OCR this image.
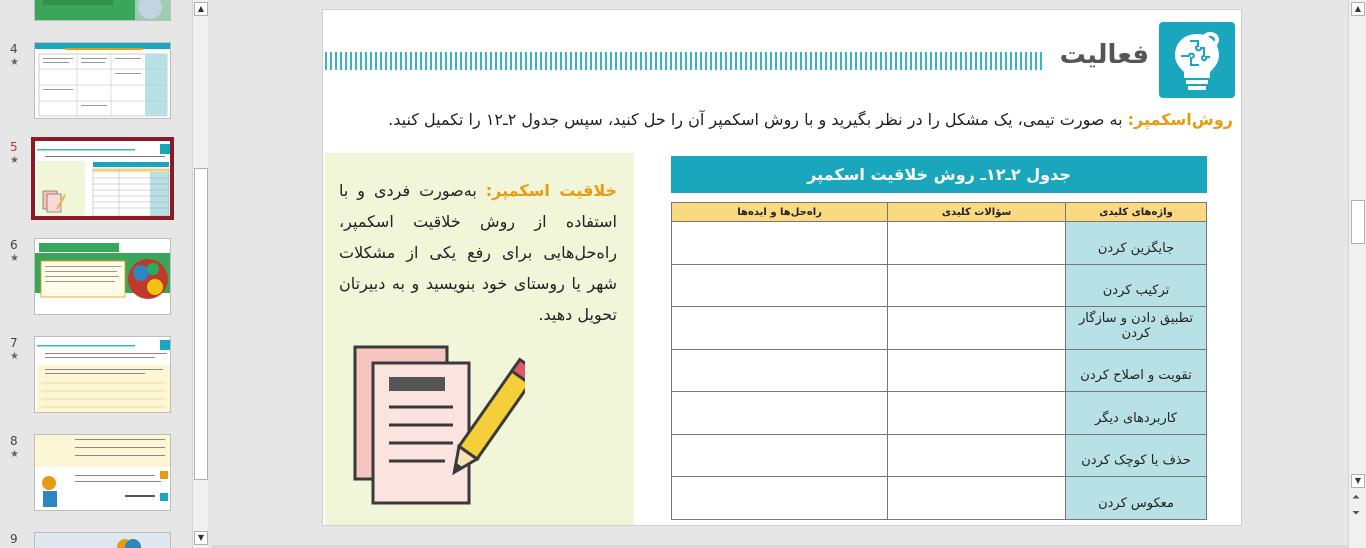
4
★
5
★
6
★
7
★
8
★
9
▲
▼
فعالیت
روش‌اسکمپر: به صورت تیمی، یک مشکل را در نظر بگیرید و با روش اسکمپر آن را حل کنید، سپس جدول ۲ـ۱۲ را تکمیل کنید.
خلاقیت اسکمپر: به‌صورت فردی و با استفاده از روش خلاقیت اسکمپر، راه‌حل‌هایی برای رفع یکی از مشکلات شهر یا روستای خود بنویسید و به دبیرتان تحویل دهید.
جدول ۲ـ۱۲ـ روش خلاقیت اسکمپر
واژه‌های کلیدی	سؤالات کلیدی	راه‌حل‌ها و ایده‌ها
جایگزین کردن		
ترکیب کردن		
تطبیق دادن و سازگار کردن		
تقویت و اصلاح کردن		
کاربردهای دیگر		
حذف یا کوچک کردن		
معکوس کردن		
▲
▼
⏶
⏷
